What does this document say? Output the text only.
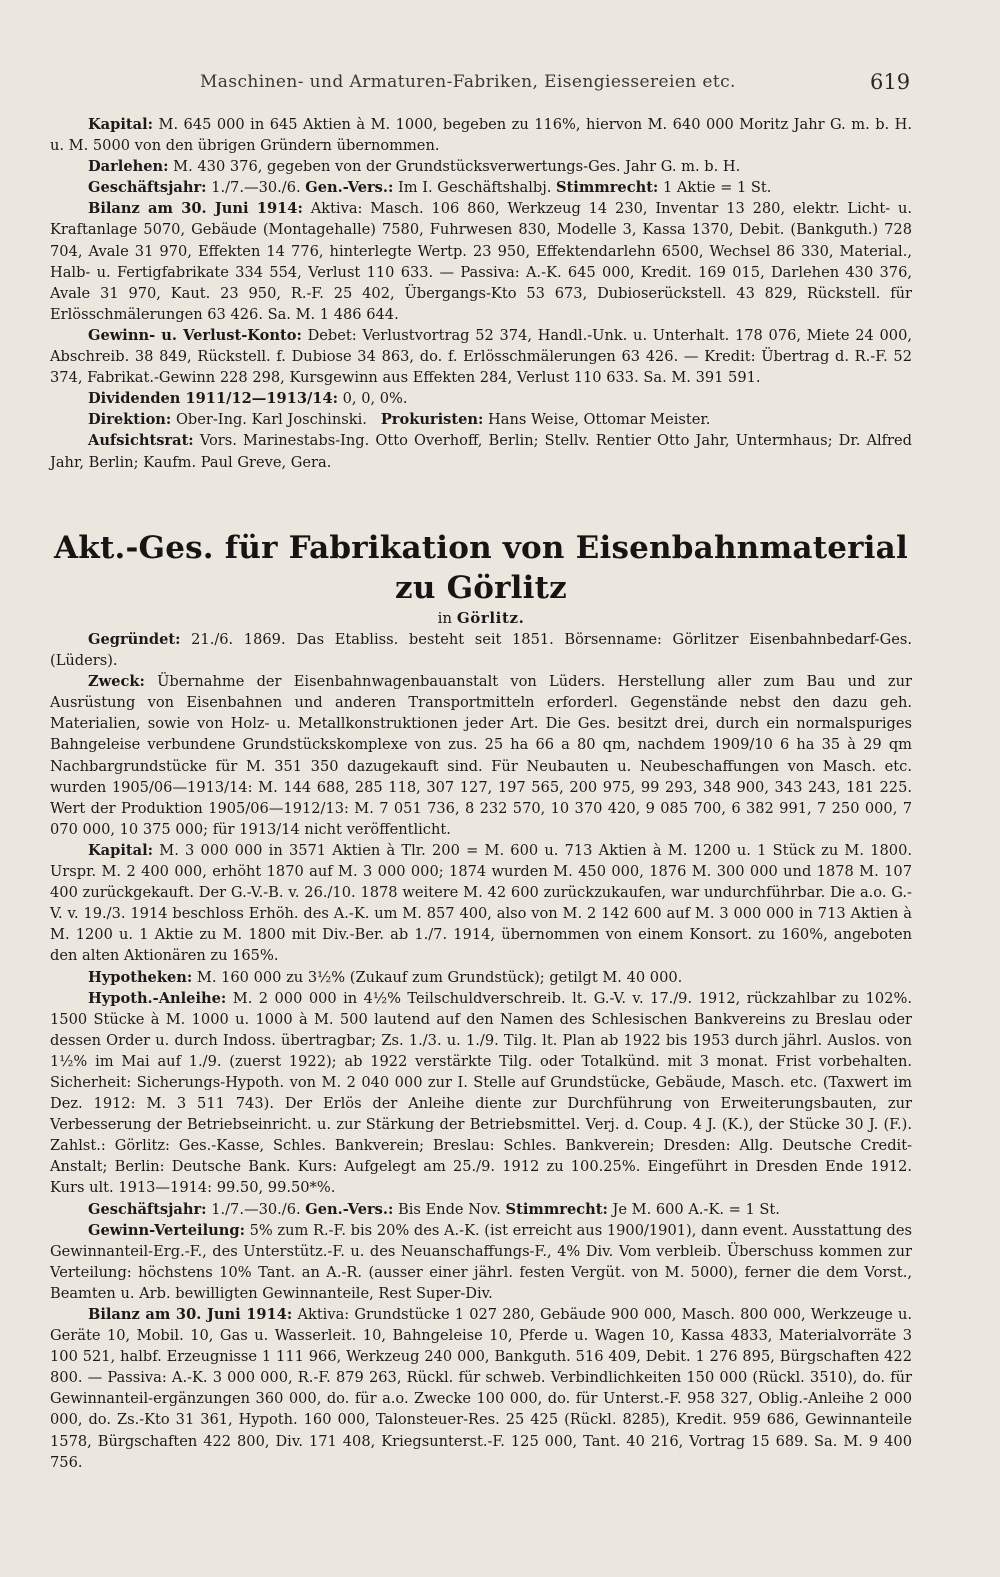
Maschinen- und Armaturen-Fabriken, Eisengiessereien etc.	619

Kapital: M. 645 000 in 645 Aktien à M. 1000, begeben zu 116%, hiervon M. 640 000 Moritz Jahr G. m. b. H. u. M. 5000 von den übrigen Gründern übernommen.

Darlehen: M. 430 376, gegeben von der Grundstücksverwertungs-Ges. Jahr G. m. b. H.

Geschäftsjahr: 1./7.—30./6. Gen.-Vers.: Im I. Geschäftshalbj. Stimmrecht: 1 Aktie = 1 St.

Bilanz am 30. Juni 1914: Aktiva: Masch. 106 860, Werkzeug 14 230, Inventar 13 280, elektr. Licht- u. Kraftanlage 5070, Gebäude (Montagehalle) 7580, Fuhrwesen 830, Modelle 3, Kassa 1370, Debit. (Bankguth.) 728 704, Avale 31 970, Effekten 14 776, hinterlegte Wertp. 23 950, Effektendarlehn 6500, Wechsel 86 330, Material., Halb- u. Fertigfabrikate 334 554, Verlust 110 633. — Passiva: A.-K. 645 000, Kredit. 169 015, Darlehen 430 376, Avale 31 970, Kaut. 23 950, R.-F. 25 402, Übergangs-Kto 53 673, Dubioserückstell. 43 829, Rückstell. für Erlösschmälerungen 63 426. Sa. M. 1 486 644.

Gewinn- u. Verlust-Konto: Debet: Verlustvortrag 52 374, Handl.-Unk. u. Unterhalt. 178 076, Miete 24 000, Abschreib. 38 849, Rückstell. f. Dubiose 34 863, do. f. Erlösschmälerungen 63 426. — Kredit: Übertrag d. R.-F. 52 374, Fabrikat.-Gewinn 228 298, Kursgewinn aus Effekten 284, Verlust 110 633. Sa. M. 391 591.

Dividenden 1911/12—1913/14: 0, 0, 0%.

Direktion: Ober-Ing. Karl Joschinski. Prokuristen: Hans Weise, Ottomar Meister.

Aufsichtsrat: Vors. Marinestabs-Ing. Otto Overhoff, Berlin; Stellv. Rentier Otto Jahr, Untermhaus; Dr. Alfred Jahr, Berlin; Kaufm. Paul Greve, Gera.

Akt.-Ges. für Fabrikation von Eisenbahnmaterial zu Görlitz

in Görlitz.

Gegründet: 21./6. 1869. Das Etabliss. besteht seit 1851. Börsenname: Görlitzer Eisenbahnbedarf-Ges. (Lüders).

Zweck: Übernahme der Eisenbahnwagenbauanstalt von Lüders. Herstellung aller zum Bau und zur Ausrüstung von Eisenbahnen und anderen Transportmitteln erforderl. Gegenstände nebst den dazu geh. Materialien, sowie von Holz- u. Metallkonstruktionen jeder Art. Die Ges. besitzt drei, durch ein normalspuriges Bahngeleise verbundene Grundstückskomplexe von zus. 25 ha 66 a 80 qm, nachdem 1909/10 6 ha 35 à 29 qm Nachbargrundstücke für M. 351 350 dazugekauft sind. Für Neubauten u. Neubeschaffungen von Masch. etc. wurden 1905/06—1913/14: M. 144 688, 285 118, 307 127, 197 565, 200 975, 99 293, 348 900, 343 243, 181 225. Wert der Produktion 1905/06—1912/13: M. 7 051 736, 8 232 570, 10 370 420, 9 085 700, 6 382 991, 7 250 000, 7 070 000, 10 375 000; für 1913/14 nicht veröffentlicht.

Kapital: M. 3 000 000 in 3571 Aktien à Tlr. 200 = M. 600 u. 713 Aktien à M. 1200 u. 1 Stück zu M. 1800. Urspr. M. 2 400 000, erhöht 1870 auf M. 3 000 000; 1874 wurden M. 450 000, 1876 M. 300 000 und 1878 M. 107 400 zurückgekauft. Der G.-V.-B. v. 26./10. 1878 weitere M. 42 600 zurückzukaufen, war undurchführbar. Die a.o. G.-V. v. 19./3. 1914 beschloss Erhöh. des A.-K. um M. 857 400, also von M. 2 142 600 auf M. 3 000 000 in 713 Aktien à M. 1200 u. 1 Aktie zu M. 1800 mit Div.-Ber. ab 1./7. 1914, übernommen von einem Konsort. zu 160%, angeboten den alten Aktionären zu 165%.

Hypotheken: M. 160 000 zu 3½% (Zukauf zum Grundstück); getilgt M. 40 000.

Hypoth.-Anleihe: M. 2 000 000 in 4½% Teilschuldverschreib. lt. G.-V. v. 17./9. 1912, rückzahlbar zu 102%. 1500 Stücke à M. 1000 u. 1000 à M. 500 lautend auf den Namen des Schlesischen Bankvereins zu Breslau oder dessen Order u. durch Indoss. übertragbar; Zs. 1./3. u. 1./9. Tilg. lt. Plan ab 1922 bis 1953 durch jährl. Auslos. von 1½% im Mai auf 1./9. (zuerst 1922); ab 1922 verstärkte Tilg. oder Totalkünd. mit 3 monat. Frist vorbehalten. Sicherheit: Sicherungs-Hypoth. von M. 2 040 000 zur I. Stelle auf Grundstücke, Gebäude, Masch. etc. (Taxwert im Dez. 1912: M. 3 511 743). Der Erlös der Anleihe diente zur Durchführung von Erweiterungsbauten, zur Verbesserung der Betriebseinricht. u. zur Stärkung der Betriebsmittel. Verj. d. Coup. 4 J. (K.), der Stücke 30 J. (F.). Zahlst.: Görlitz: Ges.-Kasse, Schles. Bankverein; Breslau: Schles. Bankverein; Dresden: Allg. Deutsche Credit-Anstalt; Berlin: Deutsche Bank. Kurs: Aufgelegt am 25./9. 1912 zu 100.25%. Eingeführt in Dresden Ende 1912. Kurs ult. 1913—1914: 99.50, 99.50*%.

Geschäftsjahr: 1./7.—30./6. Gen.-Vers.: Bis Ende Nov. Stimmrecht: Je M. 600 A.-K. = 1 St.

Gewinn-Verteilung: 5% zum R.-F. bis 20% des A.-K. (ist erreicht aus 1900/1901), dann event. Ausstattung des Gewinnanteil-Erg.-F., des Unterstütz.-F. u. des Neuanschaffungs-F., 4% Div. Vom verbleib. Überschuss kommen zur Verteilung: höchstens 10% Tant. an A.-R. (ausser einer jährl. festen Vergüt. von M. 5000), ferner die dem Vorst., Beamten u. Arb. bewilligten Gewinnanteile, Rest Super-Div.

Bilanz am 30. Juni 1914: Aktiva: Grundstücke 1 027 280, Gebäude 900 000, Masch. 800 000, Werkzeuge u. Geräte 10, Mobil. 10, Gas u. Wasserleit. 10, Bahngeleise 10, Pferde u. Wagen 10, Kassa 4833, Materialvorräte 3 100 521, halbf. Erzeugnisse 1 111 966, Werkzeug 240 000, Bankguth. 516 409, Debit. 1 276 895, Bürgschaften 422 800. — Passiva: A.-K. 3 000 000, R.-F. 879 263, Rückl. für schweb. Verbindlichkeiten 150 000 (Rückl. 3510), do. für Gewinnanteil-ergänzungen 360 000, do. für a.o. Zwecke 100 000, do. für Unterst.-F. 958 327, Oblig.-Anleihe 2 000 000, do. Zs.-Kto 31 361, Hypoth. 160 000, Talonsteuer-Res. 25 425 (Rückl. 8285), Kredit. 959 686, Gewinnanteile 1578, Bürgschaften 422 800, Div. 171 408, Kriegsunterst.-F. 125 000, Tant. 40 216, Vortrag 15 689. Sa. M. 9 400 756.
